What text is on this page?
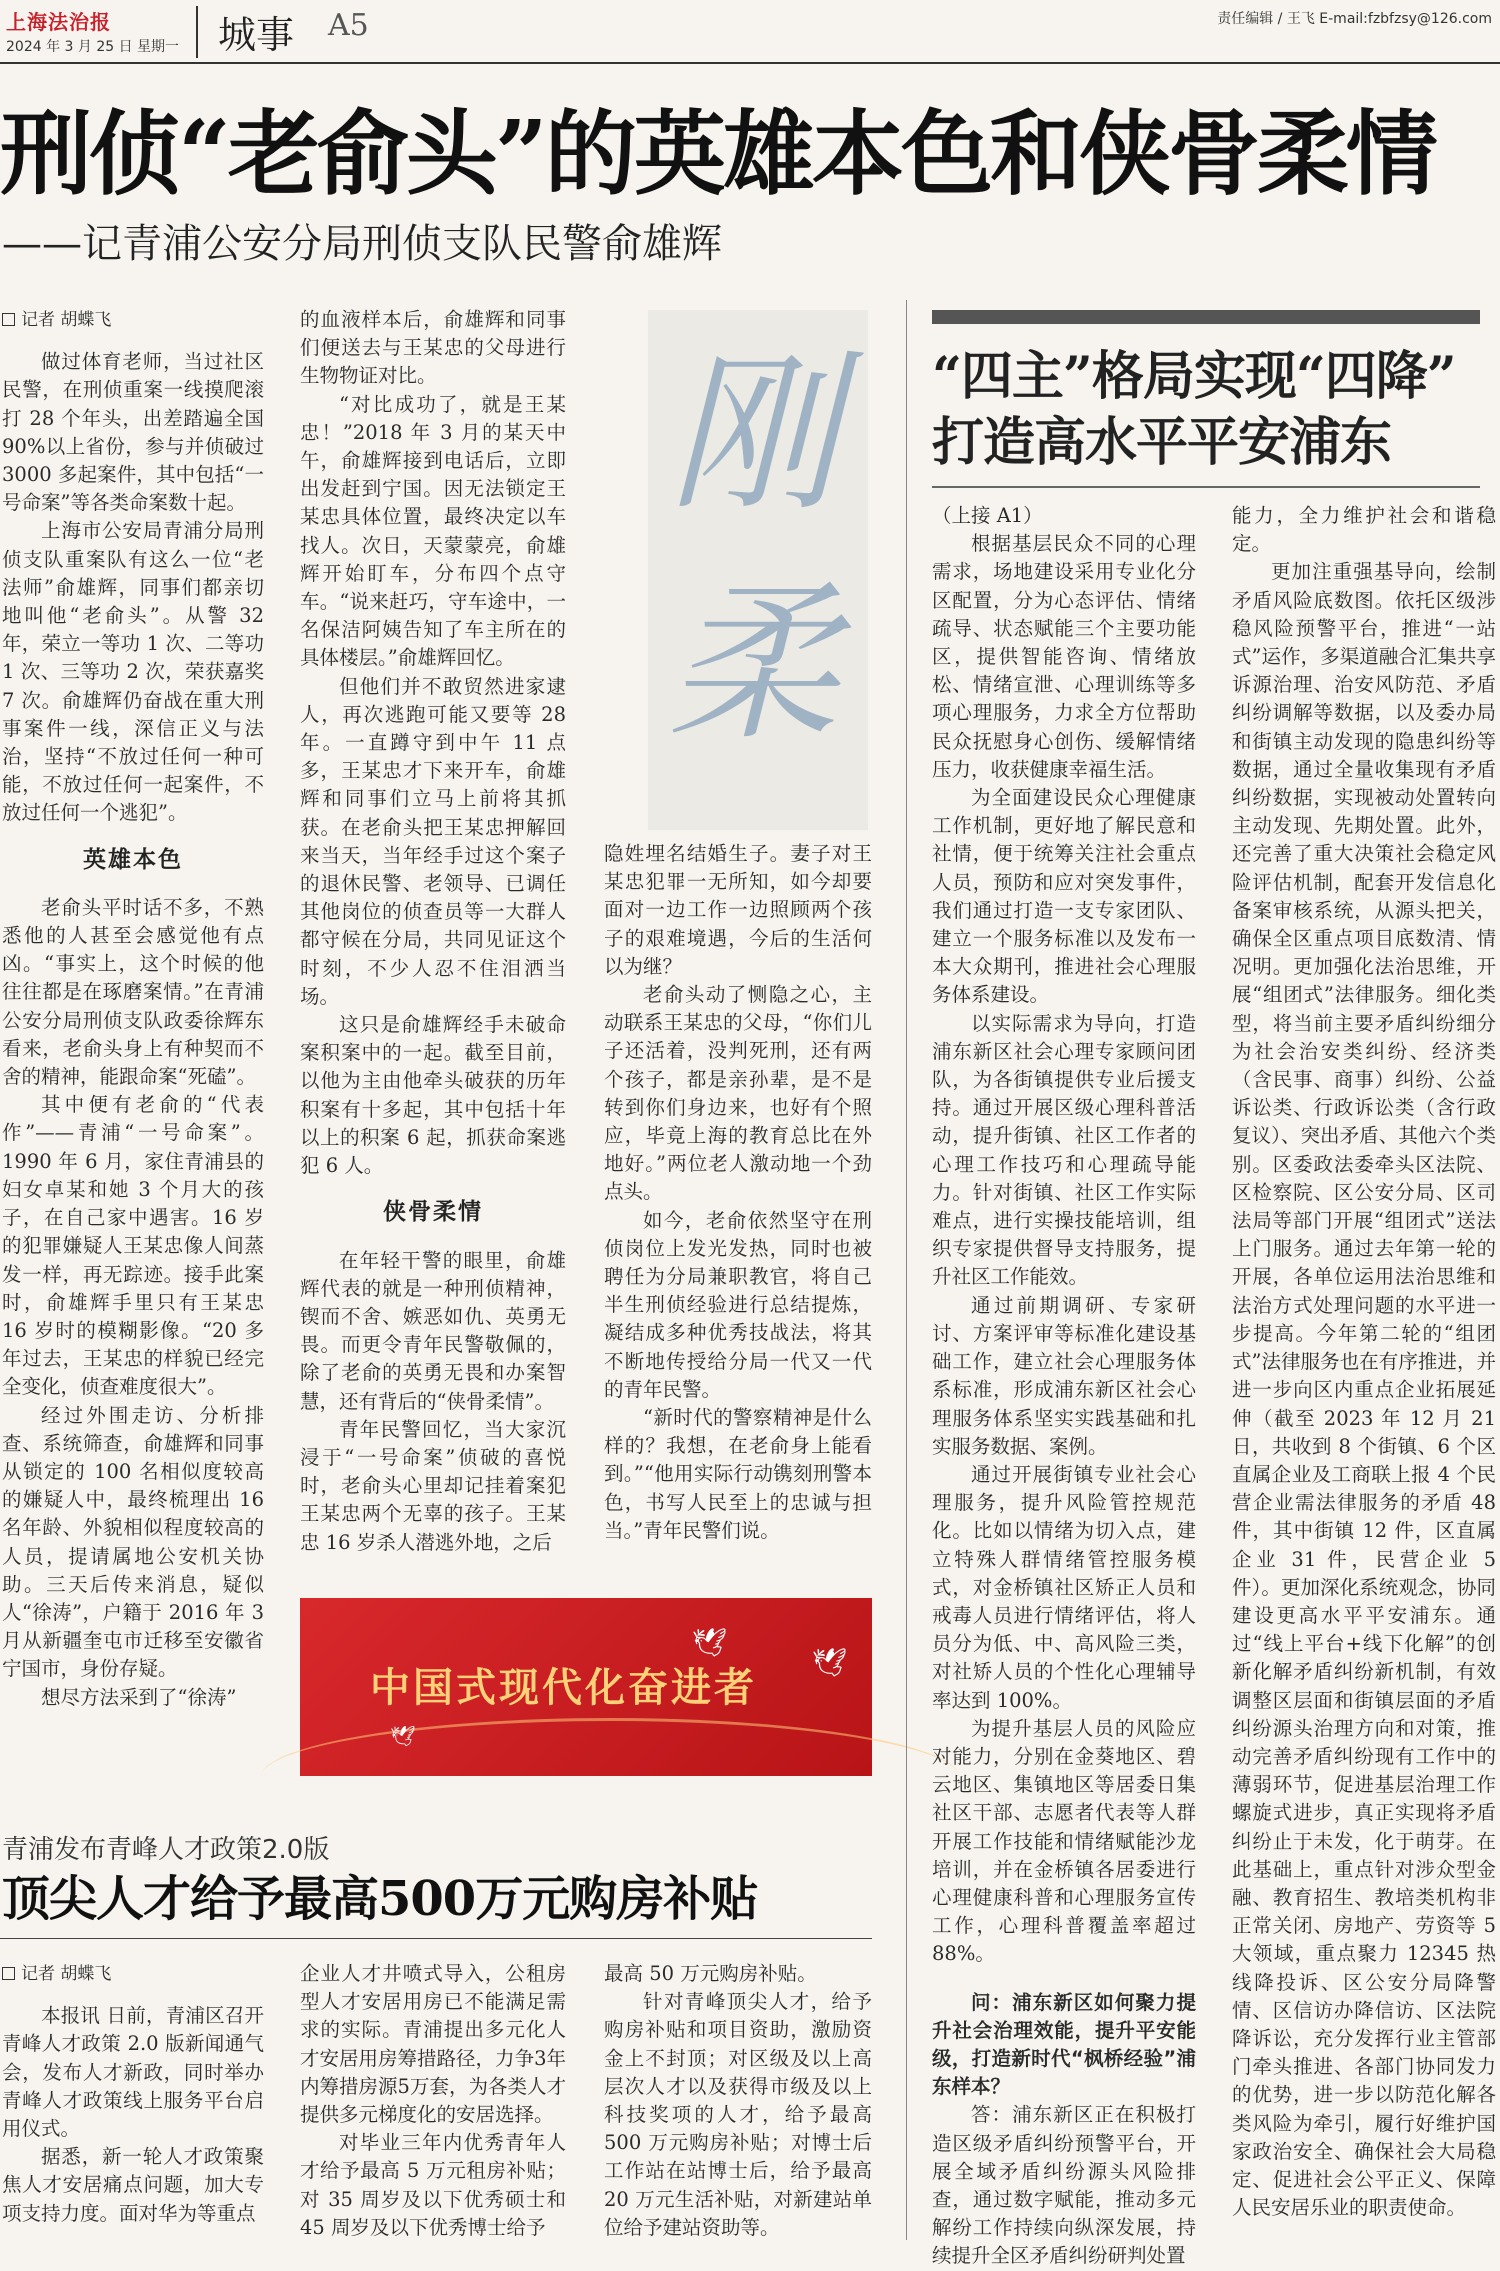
上海法治报
2024 年 3 月 25 日 星期一 城事 A5	责任编辑 / 王飞 E-mail:fzbfzsy@126.com
刑侦“老俞头”的英雄本色和侠骨柔情
——记青浦公安分局刑侦支队民警俞雄辉

记者 胡蝶飞

做过体育老师，当过社区民警，在刑侦重案一线摸爬滚打 28 个年头，出差踏遍全国 90%以上省份，参与并侦破过 3000 多起案件，其中包括“一号命案”等各类命案数十起。

上海市公安局青浦分局刑侦支队重案队有这么一位“老法师”俞雄辉，同事们都亲切地叫他“老俞头”。从警 32 年，荣立一等功 1 次、二等功 1 次、三等功 2 次，荣获嘉奖 7 次。俞雄辉仍奋战在重大刑事案件一线，深信正义与法治，坚持“不放过任何一种可能，不放过任何一起案件，不放过任何一个逃犯”。

英雄本色

老俞头平时话不多，不熟悉他的人甚至会感觉他有点凶。“事实上，这个时候的他往往都是在琢磨案情。”在青浦公安分局刑侦支队政委徐辉东看来，老俞头身上有种契而不舍的精神，能跟命案“死磕”。

其中便有老俞的“代表作”——青浦“一号命案”。1990 年 6 月，家住青浦县的妇女卓某和她 3 个月大的孩子，在自己家中遇害。16 岁的犯罪嫌疑人王某忠像人间蒸发一样，再无踪迹。接手此案时，俞雄辉手里只有王某忠 16 岁时的模糊影像。“20 多年过去，王某忠的样貌已经完全变化，侦查难度很大”。

经过外围走访、分析排查、系统筛查，俞雄辉和同事从锁定的 100 名相似度较高的嫌疑人中，最终梳理出 16 名年龄、外貌相似程度较高的人员，提请属地公安机关协助。三天后传来消息，疑似人“徐涛”，户籍于 2016 年 3 月从新疆奎屯市迁移至安徽省宁国市，身份存疑。

想尽方法采到了“徐涛”

的血液样本后，俞雄辉和同事们便送去与王某忠的父母进行生物物证对比。

“对比成功了，就是王某忠！”2018 年 3 月的某天中午，俞雄辉接到电话后，立即出发赶到宁国。因无法锁定王某忠具体位置，最终决定以车找人。次日，天蒙蒙亮，俞雄辉开始盯车，分布四个点守车。“说来赶巧，守车途中，一名保洁阿姨告知了车主所在的具体楼层。”俞雄辉回忆。

但他们并不敢贸然进家逮人，再次逃跑可能又要等 28 年。一直蹲守到中午 11 点多，王某忠才下来开车，俞雄辉和同事们立马上前将其抓获。在老俞头把王某忠押解回来当天，当年经手过这个案子的退休民警、老领导、已调任其他岗位的侦查员等一大群人都守候在分局，共同见证这个时刻，不少人忍不住泪洒当场。

这只是俞雄辉经手未破命案积案中的一起。截至目前，以他为主由他牵头破获的历年积案有十多起，其中包括十年以上的积案 6 起，抓获命案逃犯 6 人。

侠骨柔情

在年轻干警的眼里，俞雄辉代表的就是一种刑侦精神，锲而不舍、嫉恶如仇、英勇无畏。而更令青年民警敬佩的，除了老俞的英勇无畏和办案智慧，还有背后的“侠骨柔情”。

青年民警回忆，当大家沉浸于“一号命案”侦破的喜悦时，老俞头心里却记挂着案犯王某忠两个无辜的孩子。王某忠 16 岁杀人潜逃外地，之后

刚
柔

隐姓埋名结婚生子。妻子对王某忠犯罪一无所知，如今却要面对一边工作一边照顾两个孩子的艰难境遇，今后的生活何以为继？

老俞头动了恻隐之心，主动联系王某忠的父母，“你们儿子还活着，没判死刑，还有两个孩子，都是亲孙辈，是不是转到你们身边来，也好有个照应，毕竟上海的教育总比在外地好。”两位老人激动地一个劲点头。

如今，老俞依然坚守在刑侦岗位上发光发热，同时也被聘任为分局兼职教官，将自己半生刑侦经验进行总结提炼，凝结成多种优秀技战法，将其不断地传授给分局一代又一代的青年民警。

“新时代的警察精神是什么样的？我想，在老俞身上能看到。”“他用实际行动镌刻刑警本色，书写人民至上的忠诚与担当。”青年民警们说。

🕊
🕊
🕊
中国式现代化奋进者
“四主”格局实现“四降”
打造高水平平安浦东

（上接 A1）

根据基层民众不同的心理需求，场地建设采用专业化分区配置，分为心态评估、情绪疏导、状态赋能三个主要功能区，提供智能咨询、情绪放松、情绪宣泄、心理训练等多项心理服务，力求全方位帮助民众抚慰身心创伤、缓解情绪压力，收获健康幸福生活。

为全面建设民众心理健康工作机制，更好地了解民意和社情，便于统筹关注社会重点人员，预防和应对突发事件，我们通过打造一支专家团队、建立一个服务标准以及发布一本大众期刊，推进社会心理服务体系建设。

以实际需求为导向，打造浦东新区社会心理专家顾问团队，为各街镇提供专业后援支持。通过开展区级心理科普活动，提升街镇、社区工作者的心理工作技巧和心理疏导能力。针对街镇、社区工作实际难点，进行实操技能培训，组织专家提供督导支持服务，提升社区工作能效。

通过前期调研、专家研讨、方案评审等标准化建设基础工作，建立社会心理服务体系标准，形成浦东新区社会心理服务体系坚实实践基础和扎实服务数据、案例。

通过开展街镇专业社会心理服务，提升风险管控规范化。比如以情绪为切入点，建立特殊人群情绪管控服务模式，对金桥镇社区矫正人员和戒毒人员进行情绪评估，将人员分为低、中、高风险三类，对社矫人员的个性化心理辅导率达到 100%。

为提升基层人员的风险应对能力，分别在金葵地区、碧云地区、集镇地区等居委日集社区干部、志愿者代表等人群开展工作技能和情绪赋能沙龙培训，并在金桥镇各居委进行心理健康科普和心理服务宣传工作，心理科普覆盖率超过88%。

问：浦东新区如何聚力提升社会治理效能，提升平安能级，打造新时代“枫桥经验”浦东样本？

答：浦东新区正在积极打造区级矛盾纠纷预警平台，开展全域矛盾纠纷源头风险排查，通过数字赋能，推动多元解纷工作持续向纵深发展，持续提升全区矛盾纠纷研判处置

能力，全力维护社会和谐稳定。

更加注重强基导向，绘制矛盾风险底数图。依托区级涉稳风险预警平台，推进“一站式”运作，多渠道融合汇集共享诉源治理、治安风防范、矛盾纠纷调解等数据，以及委办局和街镇主动发现的隐患纠纷等数据，通过全量收集现有矛盾纠纷数据，实现被动处置转向主动发现、先期处置。此外，还完善了重大决策社会稳定风险评估机制，配套开发信息化备案审核系统，从源头把关，确保全区重点项目底数清、情况明。更加强化法治思维，开展“组团式”法律服务。细化类型，将当前主要矛盾纠纷细分为社会治安类纠纷、经济类（含民事、商事）纠纷、公益诉讼类、行政诉讼类（含行政复议）、突出矛盾、其他六个类别。区委政法委牵头区法院、区检察院、区公安分局、区司法局等部门开展“组团式”送法上门服务。通过去年第一轮的开展，各单位运用法治思维和法治方式处理问题的水平进一步提高。今年第二轮的“组团式”法律服务也在有序推进，并进一步向区内重点企业拓展延伸（截至 2023 年 12 月 21 日，共收到 8 个街镇、6 个区直属企业及工商联上报 4 个民营企业需法律服务的矛盾 48 件，其中街镇 12 件，区直属企业 31 件，民营企业 5 件）。更加深化系统观念，协同建设更高水平平安浦东。通过“线上平台+线下化解”的创新化解矛盾纠纷新机制，有效调整区层面和街镇层面的矛盾纠纷源头治理方向和对策，推动完善矛盾纠纷现有工作中的薄弱环节，促进基层治理工作螺旋式进步，真正实现将矛盾纠纷止于未发，化于萌芽。在此基础上，重点针对涉众型金融、教育招生、教培类机构非正常关闭、房地产、劳资等 5 大领域，重点聚力 12345 热线降投诉、区公安分局降警情、区信访办降信访、区法院降诉讼，充分发挥行业主管部门牵头推进、各部门协同发力的优势，进一步以防范化解各类风险为牵引，履行好维护国家政治安全、确保社会大局稳定、促进社会公平正义、保障人民安居乐业的职责使命。

青浦发布青峰人才政策2.0版
顶尖人才给予最高500万元购房补贴

记者 胡蝶飞

本报讯 日前，青浦区召开青峰人才政策 2.0 版新闻通气会，发布人才新政，同时举办青峰人才政策线上服务平台启用仪式。

据悉，新一轮人才政策聚焦人才安居痛点问题，加大专项支持力度。面对华为等重点

企业人才井喷式导入，公租房型人才安居用房已不能满足需求的实际。青浦提出多元化人才安居用房筹措路径，力争3年内筹措房源5万套，为各类人才提供多元梯度化的安居选择。

对毕业三年内优秀青年人才给予最高 5 万元租房补贴；对 35 周岁及以下优秀硕士和 45 周岁及以下优秀博士给予

最高 50 万元购房补贴。

针对青峰顶尖人才，给予购房补贴和项目资助，激励资金上不封顶；对区级及以上高层次人才以及获得市级及以上科技奖项的人才，给予最高 500 万元购房补贴；对博士后工作站在站博士后，给予最高 20 万元生活补贴，对新建站单位给予建站资助等。
